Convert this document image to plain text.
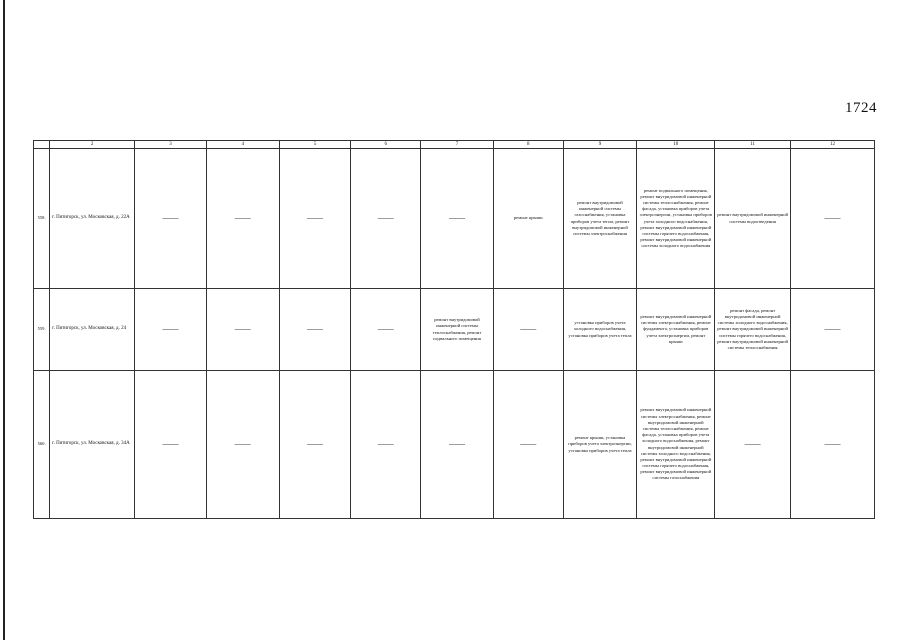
1724
	2	3	4	5	6	7	8	9	10	11	12
558.	г. Пятигорск, ул. Московская, д. 22А	——	——	——	——	——	ремонт крыши	ремонт внутридомовой инженерной системы газоснабжения, установка приборов учета тепла, ремонт внутридомовой инженерной системы электроснабжения	ремонт подвального помещения, ремонт внутридомовой инженерной системы теплоснабжения, ремонт фасада, установка приборов учета электроэнергии, установка приборов учета холодного водоснабжения, ремонт внутридомовой инженерной системы горячего водоснабжения, ремонт внутридомовой инженерной системы холодного водоснабжения	ремонт внутридомовой инженерной системы водоотведения	——
559.	г. Пятигорск, ул. Московская, д. 24	——	——	——	——	ремонт внутридомовой инженерной системы теплоснабжения, ремонт подвального помещения	——	установка приборов учета холодного водоснабжения, установка приборов учета тепла	ремонт внутридомовой инженерной системы электроснабжения, ремонт фундамента, установка приборов учета электроэнергии, ремонт крыши	ремонт фасада, ремонт внутридомовой инженерной системы холодного водоснабжения, ремонт внутридомовой инженерной системы горячего водоснабжения, ремонт внутридомовой инженерной системы теплоснабжения	——
560.	г. Пятигорск, ул. Московская, д. 34А	——	——	——	——	——	——	ремонт крыши, установка приборов учета электроэнергии, установка приборов учета тепла	ремонт внутридомовой инженерной системы электроснабжения, ремонт внутридомовой инженерной системы теплоснабжения, ремонт фасада, установка приборов учета холодного водоснабжения, ремонт внутридомовой инженерной системы холодного водоснабжения, ремонт внутридомовой инженерной системы горячего водоснабжения, ремонт внутридомовой инженерной системы газоснабжения	——	——
